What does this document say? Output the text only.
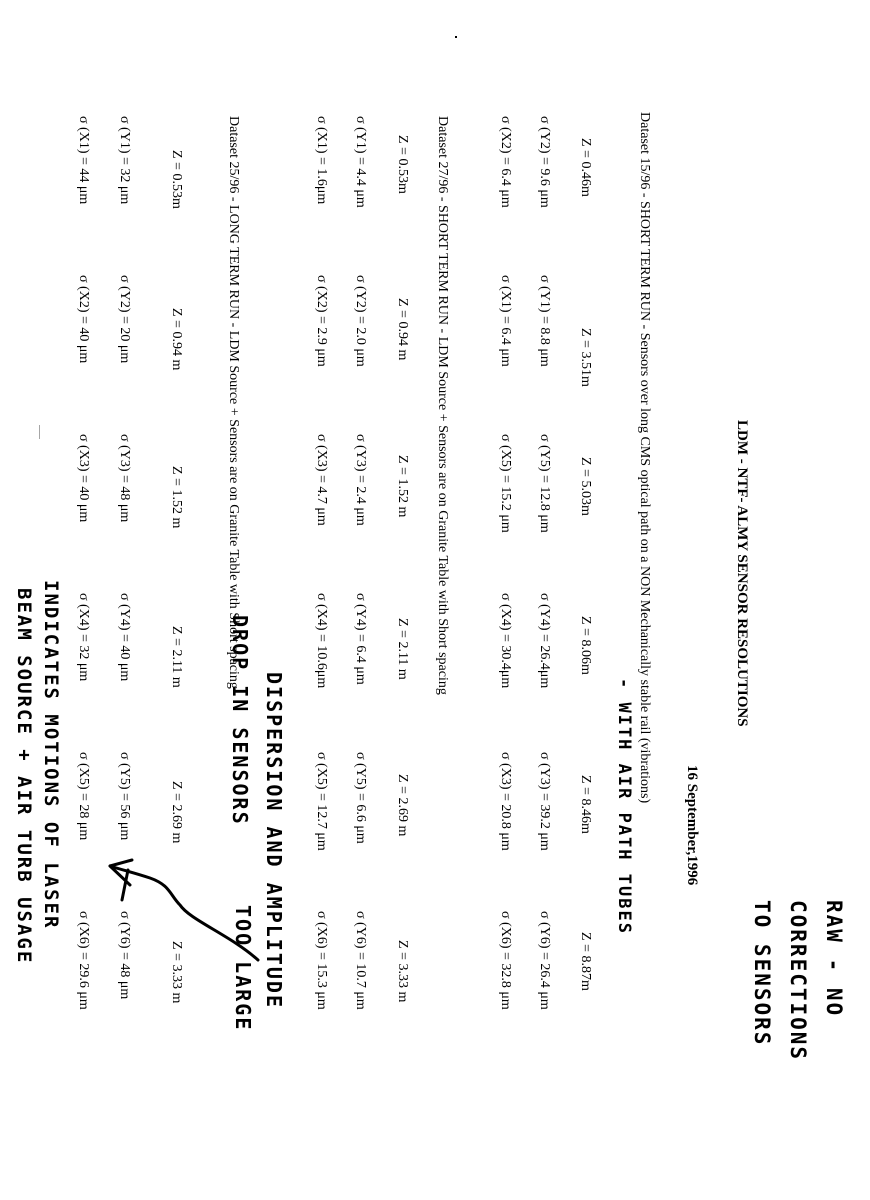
LDM - NTF- ALMY SENSOR RESOLUTIONS
16 September,1996
Dataset 15/96 - SHORT TERM RUN - Sensors over long CMS optical path on a NON Mechanically stable rail (vibrations)
Z = 0.46m
Z = 3.51m
Z = 5.03m
Z = 8.06m
Z = 8.46m
Z = 8.87m
σ (Y2) = 9.6 μm
σ (Y1) = 8.8 μm
σ (Y5) = 12.8 μm
σ (Y4) = 26.4μm
σ (Y3) = 39.2 μm
σ (Y6) = 26.4 μm
σ (X2) = 6.4 μm
σ (X1) = 6.4 μm
σ (X5) = 15.2 μm
σ (X4) = 30.4μm
σ (X3) = 20.8 μm
σ (X6) = 32.8 μm
Dataset 27/96 - SHORT TERM RUN - LDM Source + Sensors are on Granite Table with Short spacing
Z = 0.53m
Z = 0.94 m
Z = 1.52 m
Z = 2.11 m
Z = 2.69 m
Z = 3.33 m
σ (Y1) = 4.4 μm
σ (Y2) = 2.0 μm
σ (Y3) = 2.4 μm
σ (Y4) = 6.4 μm
σ (Y5) = 6.6 μm
σ (Y6) = 10.7 μm
σ (X1) = 1.6μm
σ (X2) = 2.9 μm
σ (X3) = 4.7 μm
σ (X4) = 10.6μm
σ (X5) = 12.7 μm
σ (X6) = 15.3 μm
Dataset 25/96 - LONG TERM RUN - LDM Source + Sensors are on Granite Table with Short spacing
Z = 0.53m
Z = 0.94 m
Z = 1.52 m
Z = 2.11 m
Z = 2.69 m
Z = 3.33 m
σ (Y1) = 32 μm
σ (Y2) = 20 μm
σ (Y3) = 48 μm
σ (Y4) = 40 μm
σ (Y5) = 56 μm
σ (Y6) = 48 μm
σ (X1) = 44 μm
σ (X2) = 40 μm
σ (X3) = 40 μm
σ (X4) = 32 μm
σ (X5) = 28 μm
σ (X6) = 29.6 μm	RAW - NO
CORRECTIONS
TO SENSORS
- WITH AIR PATH TUBES
TOO LARGE DISPERSION AND AMPLITUDE
DROP IN SENSORS
INDICATES MOTIONS OF LASER
BEAM SOURCE + AIR TURB USAGE
